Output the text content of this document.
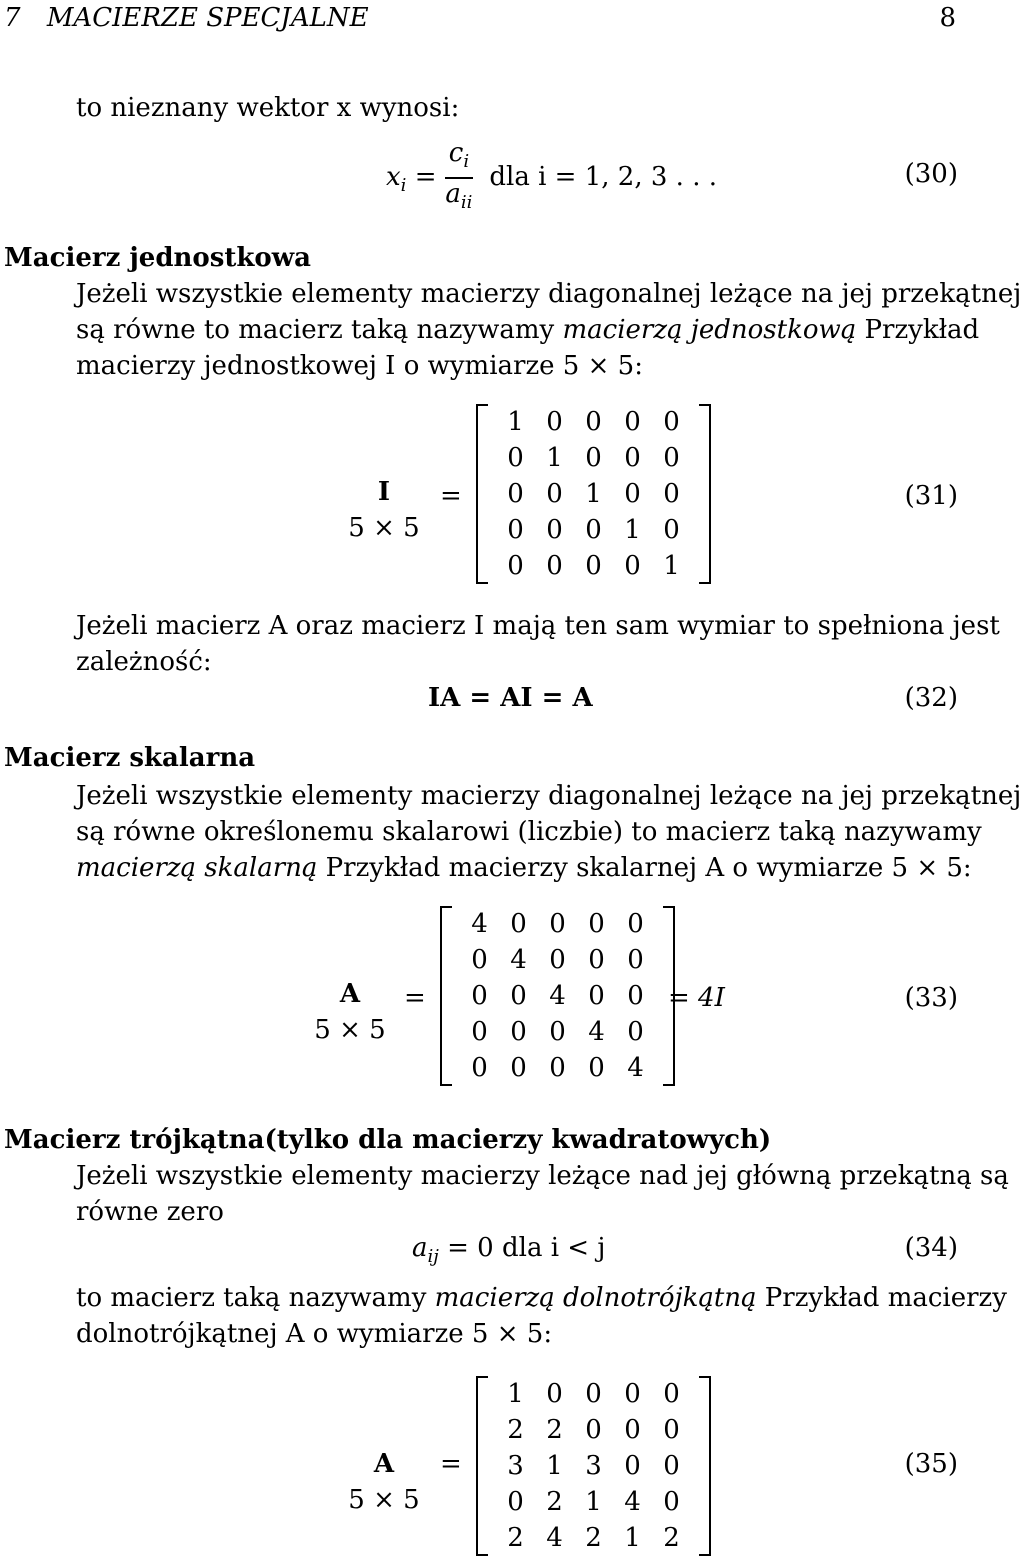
7 MACIERZE SPECJALNE	8
to nieznany wektor x wynosi:
$x_i = \frac{c_i}{a_{ii}}$ dla i = 1, 2, 3 . . .	(30)
Macierz jednostkowa
Jeżeli wszystkie elementy macierzy diagonalnej leżące na jej przekątnej
są równe to macierz taką nazywamy macierzą jednostkową Przykład
macierzy jednostkowej I o wymiarze 5 × 5:
I
5 × 5
=
1	0	0	0	0
0	1	0	0	0
0	0	1	0	0
0	0	0	1	0
0	0	0	0	1
(31)
Jeżeli macierz A oraz macierz I mają ten sam wymiar to spełniona jest
zależność:
IA = AI = A	(32)
Macierz skalarna
Jeżeli wszystkie elementy macierzy diagonalnej leżące na jej przekątnej
są równe określonemu skalarowi (liczbie) to macierz taką nazywamy
macierzą skalarną Przykład macierzy skalarnej A o wymiarze 5 × 5:
A
5 × 5
=
4	0	0	0	0
0	4	0	0	0
0	0	4	0	0
0	0	0	4	0
0	0	0	0	4
= 4I	(33)
Macierz trójkątna(tylko dla macierzy kwadratowych)
Jeżeli wszystkie elementy macierzy leżące nad jej główną przekątną są
równe zero
$a_{ij} = 0$ dla i < j	(34)
to macierz taką nazywamy macierzą dolnotrójkątną Przykład macierzy
dolnotrójkątnej A o wymiarze 5 × 5:
A
5 × 5
=
1	0	0	0	0
2	2	0	0	0
3	1	3	0	0
0	2	1	4	0
2	4	2	1	2
(35)
